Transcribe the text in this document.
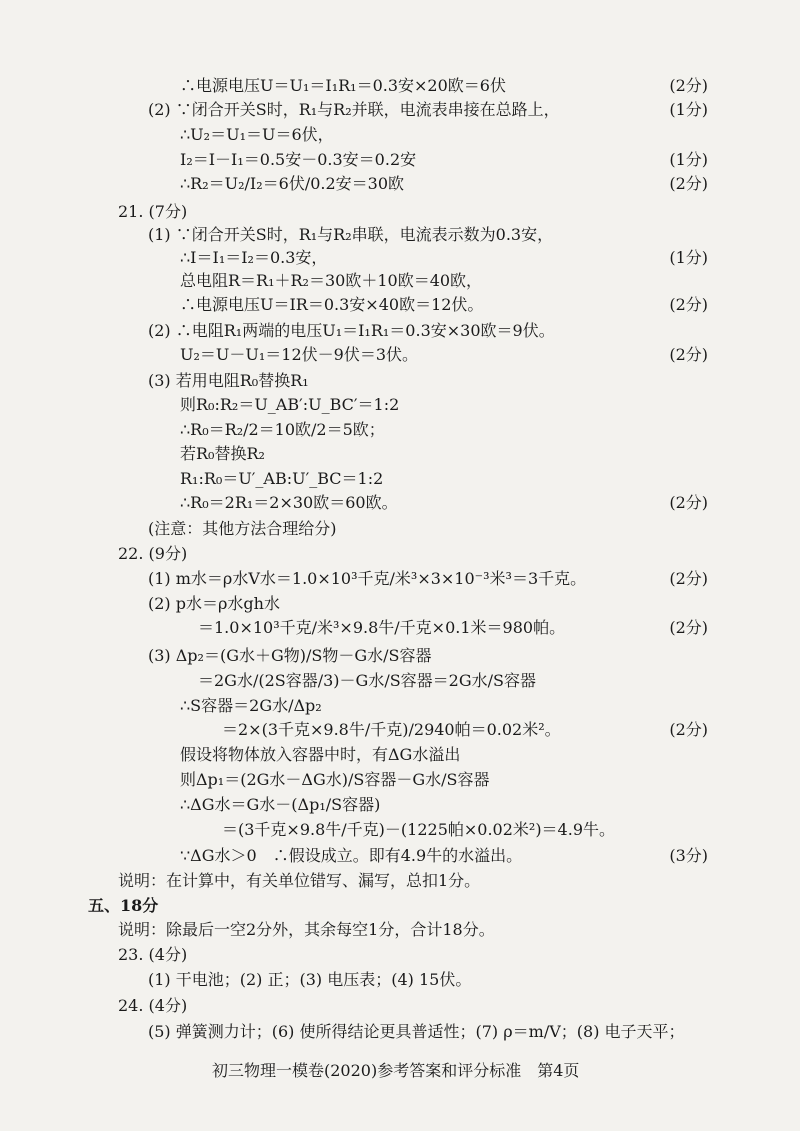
∴电源电压U＝U₁＝I₁R₁＝0.3安×20欧＝6伏	(2分)
(2) ∵闭合开关S时，R₁与R₂并联，电流表串接在总路上，	(1分)
∴U₂＝U₁＝U＝6伏，
I₂＝I－I₁＝0.5安－0.3安＝0.2安	(1分)
∴R₂＝U₂/I₂＝6伏/0.2安＝30欧	(2分)
21. (7分)
(1) ∵闭合开关S时，R₁与R₂串联，电流表示数为0.3安，
∴I＝I₁＝I₂＝0.3安，	(1分)
总电阻R＝R₁＋R₂＝30欧＋10欧＝40欧，
∴电源电压U＝IR＝0.3安×40欧＝12伏。	(2分)
(2) ∴电阻R₁两端的电压U₁＝I₁R₁＝0.3安×30欧＝9伏。
U₂＝U－U₁＝12伏－9伏＝3伏。	(2分)
(3) 若用电阻R₀替换R₁
则R₀:R₂＝U_AB′:U_BC′＝1:2
∴R₀＝R₂/2＝10欧/2＝5欧；
若R₀替换R₂
R₁:R₀＝U′_AB:U′_BC＝1:2
∴R₀＝2R₁＝2×30欧＝60欧。	(2分)
(注意：其他方法合理给分)
22. (9分)
(1) m水＝ρ水V水＝1.0×10³千克/米³×3×10⁻³米³＝3千克。	(2分)
(2) p水＝ρ水gh水
＝1.0×10³千克/米³×9.8牛/千克×0.1米＝980帕。	(2分)
(3) Δp₂＝(G水＋G物)/S物－G水/S容器
＝2G水/(2S容器/3)－G水/S容器＝2G水/S容器
∴S容器＝2G水/Δp₂
＝2×(3千克×9.8牛/千克)/2940帕＝0.02米²。	(2分)
假设将物体放入容器中时，有ΔG水溢出
则Δp₁＝(2G水－ΔG水)/S容器－G水/S容器
∴ΔG水＝G水－(Δp₁/S容器)
＝(3千克×9.8牛/千克)－(1225帕×0.02米²)＝4.9牛。
∵ΔG水＞0　∴假设成立。即有4.9牛的水溢出。	(3分)
说明：在计算中，有关单位错写、漏写，总扣1分。
五、18分
说明：除最后一空2分外，其余每空1分，合计18分。
23. (4分)
(1) 干电池；(2) 正；(3) 电压表；(4) 15伏。
24. (4分)
(5) 弹簧测力计；(6) 使所得结论更具普适性；(7) ρ＝m/V；(8) 电子天平；
初三物理一模卷(2020)参考答案和评分标准　第4页
